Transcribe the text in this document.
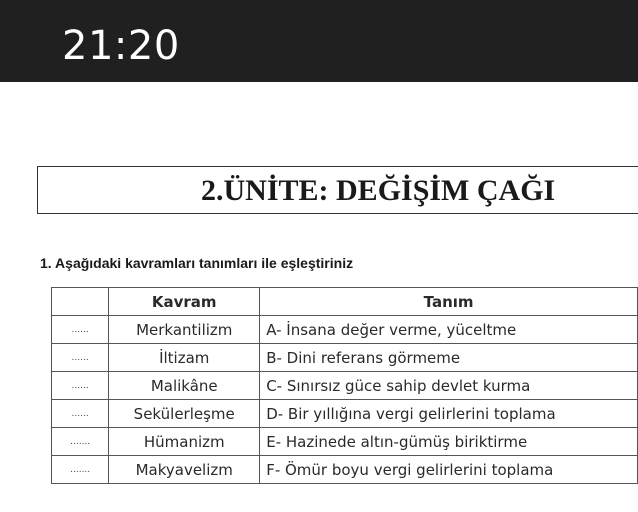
21:20
2.ÜNİTE: DEĞİŞİM ÇAĞI
1. Aşağıdaki kavramları tanımları ile eşleştiriniz
	Kavram	Tanım
......	Merkantilizm	A- İnsana değer verme, yüceltme
......	İltizam	B- Dini referans görmeme
......	Malikâne	C- Sınırsız güce sahip devlet kurma
......	Sekülerleşme	D- Bir yıllığına vergi gelirlerini toplama
.......	Hümanizm	E- Hazinede altın-gümüş biriktirme
.......	Makyavelizm	F- Ömür boyu vergi gelirlerini toplama
